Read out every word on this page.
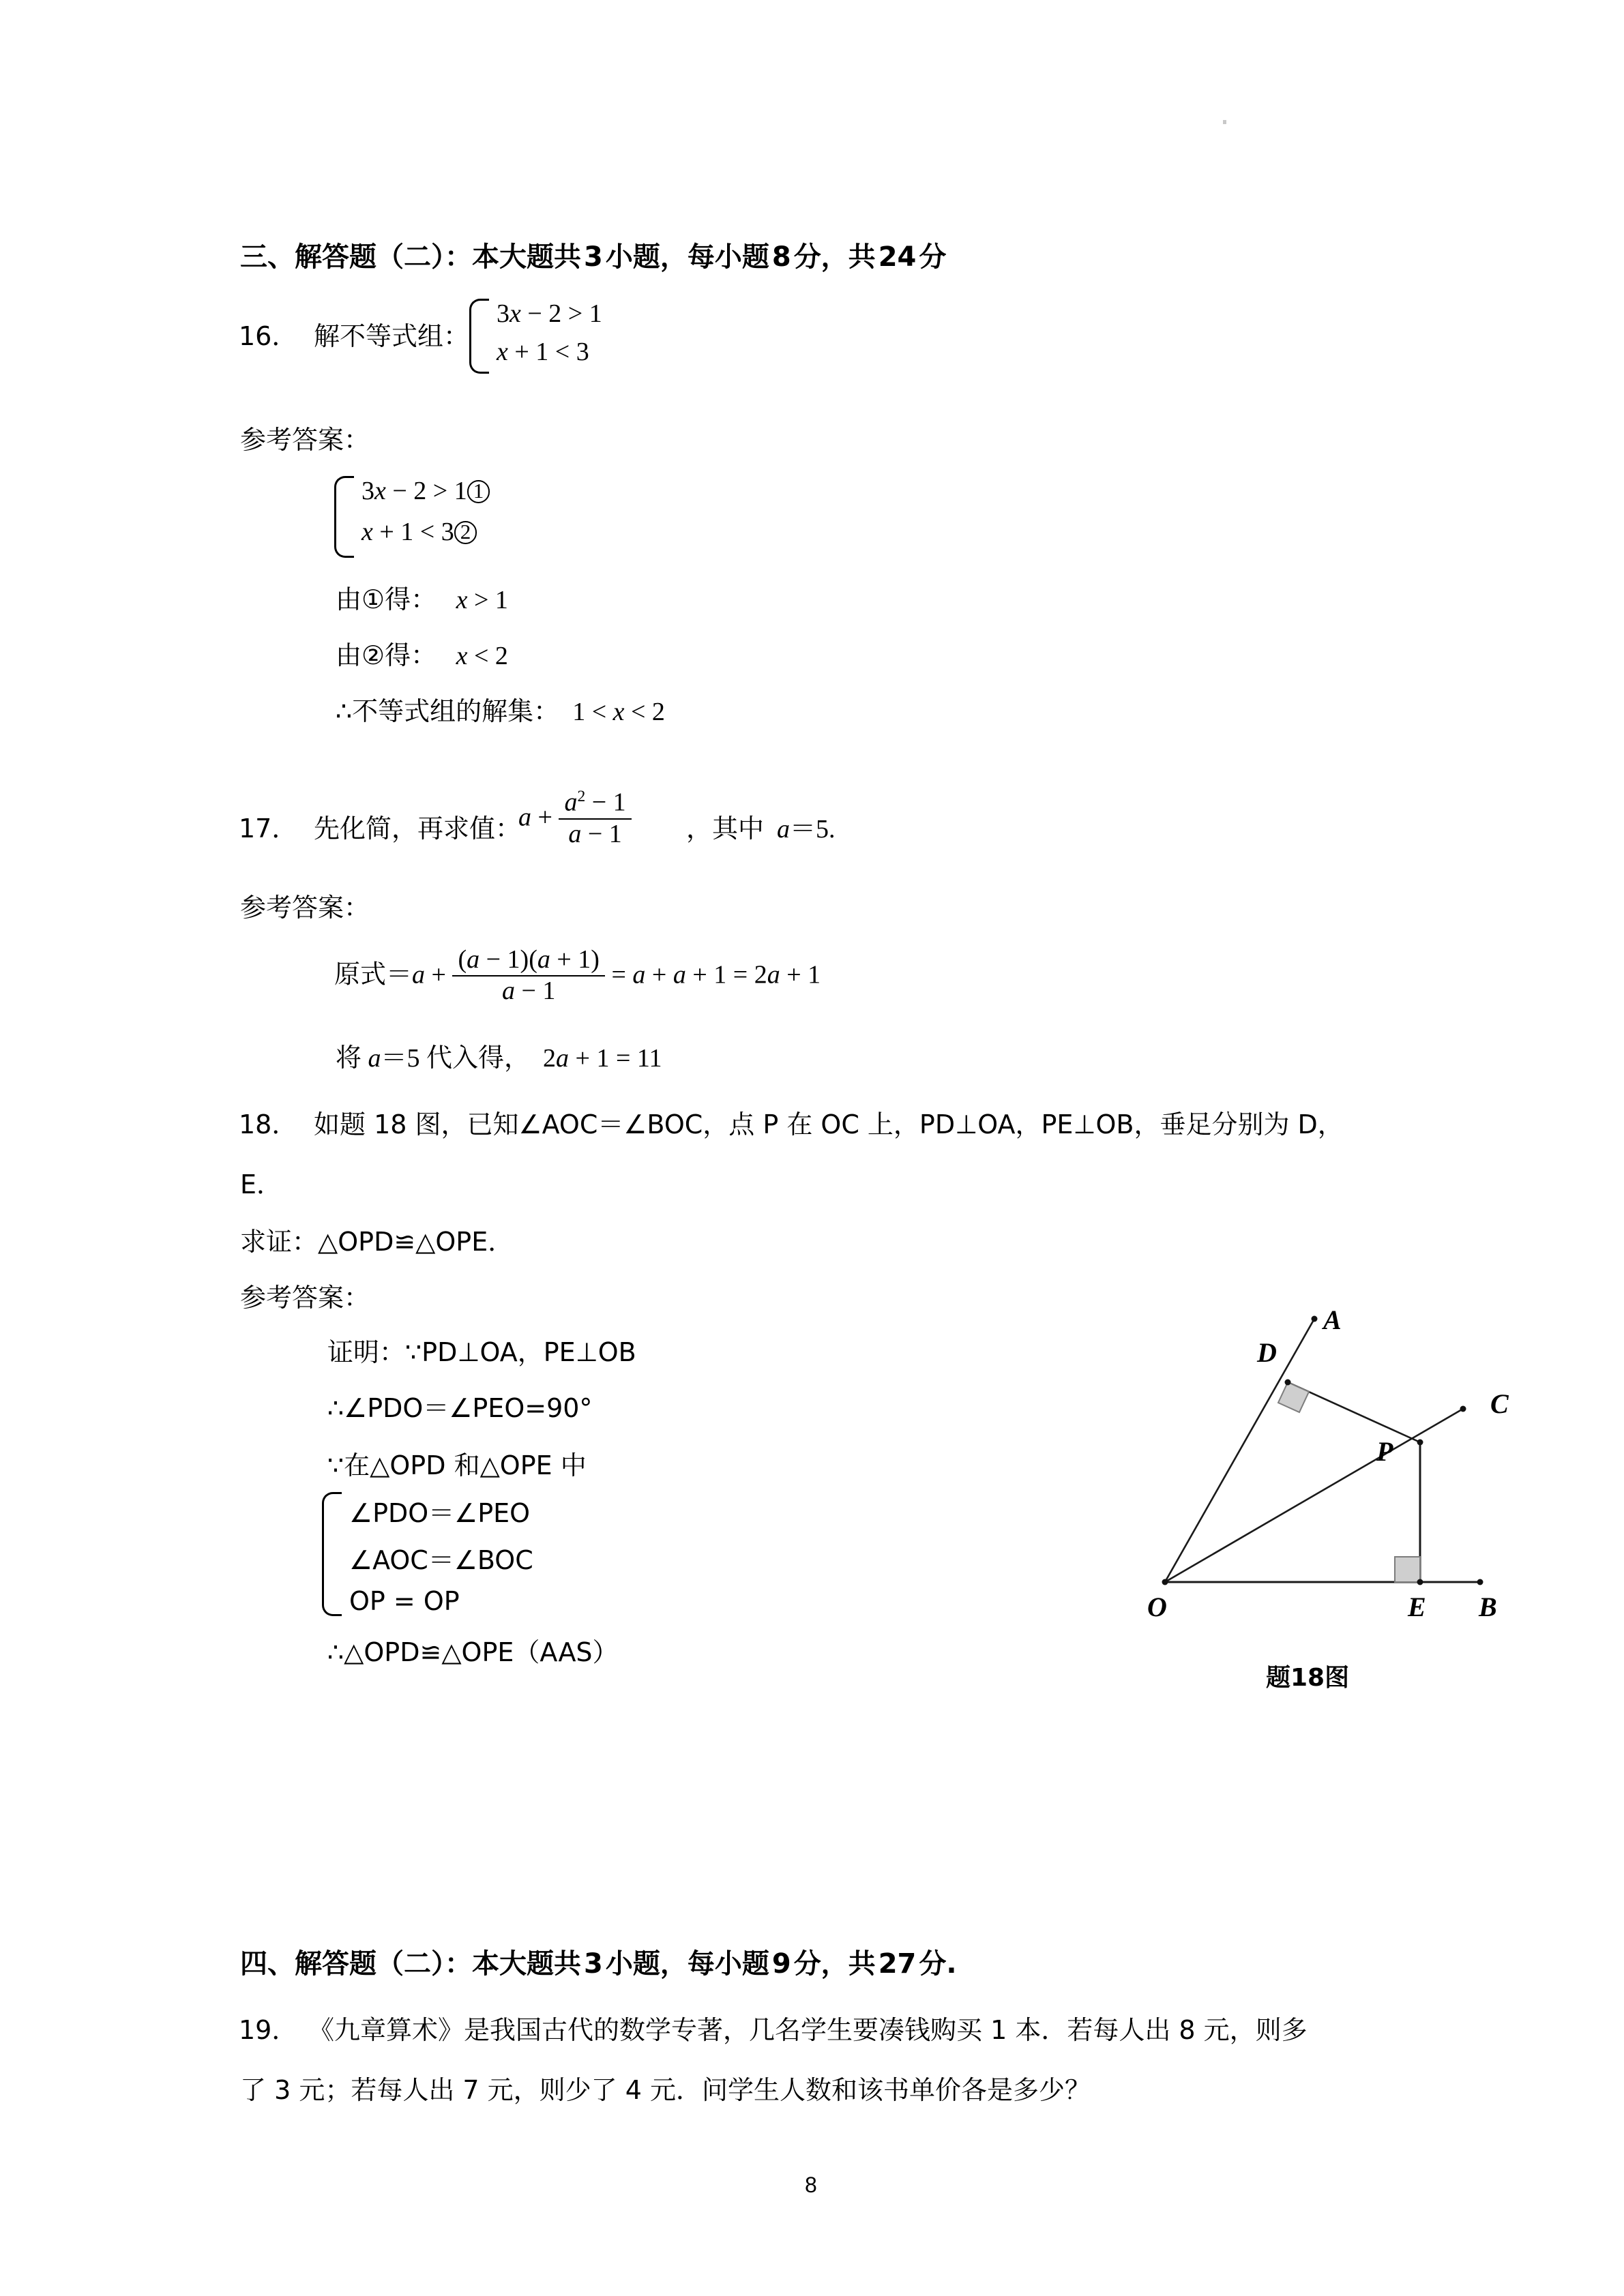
三、解答题（二）：本大题共 3 小题，每小题 8 分，共 24 分
16． 解不等式组：
3x − 2 > 1
x + 1 < 3
参考答案：
3x − 2 > 1 1
x + 1 < 3 2
由①得： x > 1
由②得： x < 2
∴不等式组的解集：  1 < x < 2
17． 先化简，再求值：
$a + \frac{a^2 - 1}{a - 1}$ ，其中 a＝5.
参考答案：
原式$=a + \frac{(a - 1)(a + 1)}{a - 1} = a + a + 1 = 2a + 1$
将 a＝5 代入得，  2a + 1 = 11
18． 如题 18 图，已知∠AOC＝∠BOC，点 P 在 OC 上，PD⊥OA，PE⊥OB，垂足分别为 D，
E．
求证：△OPD≌△OPE．
参考答案：
证明：∵PD⊥OA，PE⊥OB
∴∠PDO＝∠PEO=90°
∵在△OPD 和△OPE 中
∠PDO＝∠PEO
∠AOC＝∠BOC
OP = OP
∴△OPD≌△OPE（AAS）
A
D
C
P
O	E B
题18图
四、解答题（二）：本大题共 3 小题，每小题 9 分，共 27 分.
19． 《九章算术》是我国古代的数学专著，几名学生要凑钱购买 1 本．若每人出 8 元，则多
了 3 元；若每人出 7 元，则少了 4 元．问学生人数和该书单价各是多少？
8
